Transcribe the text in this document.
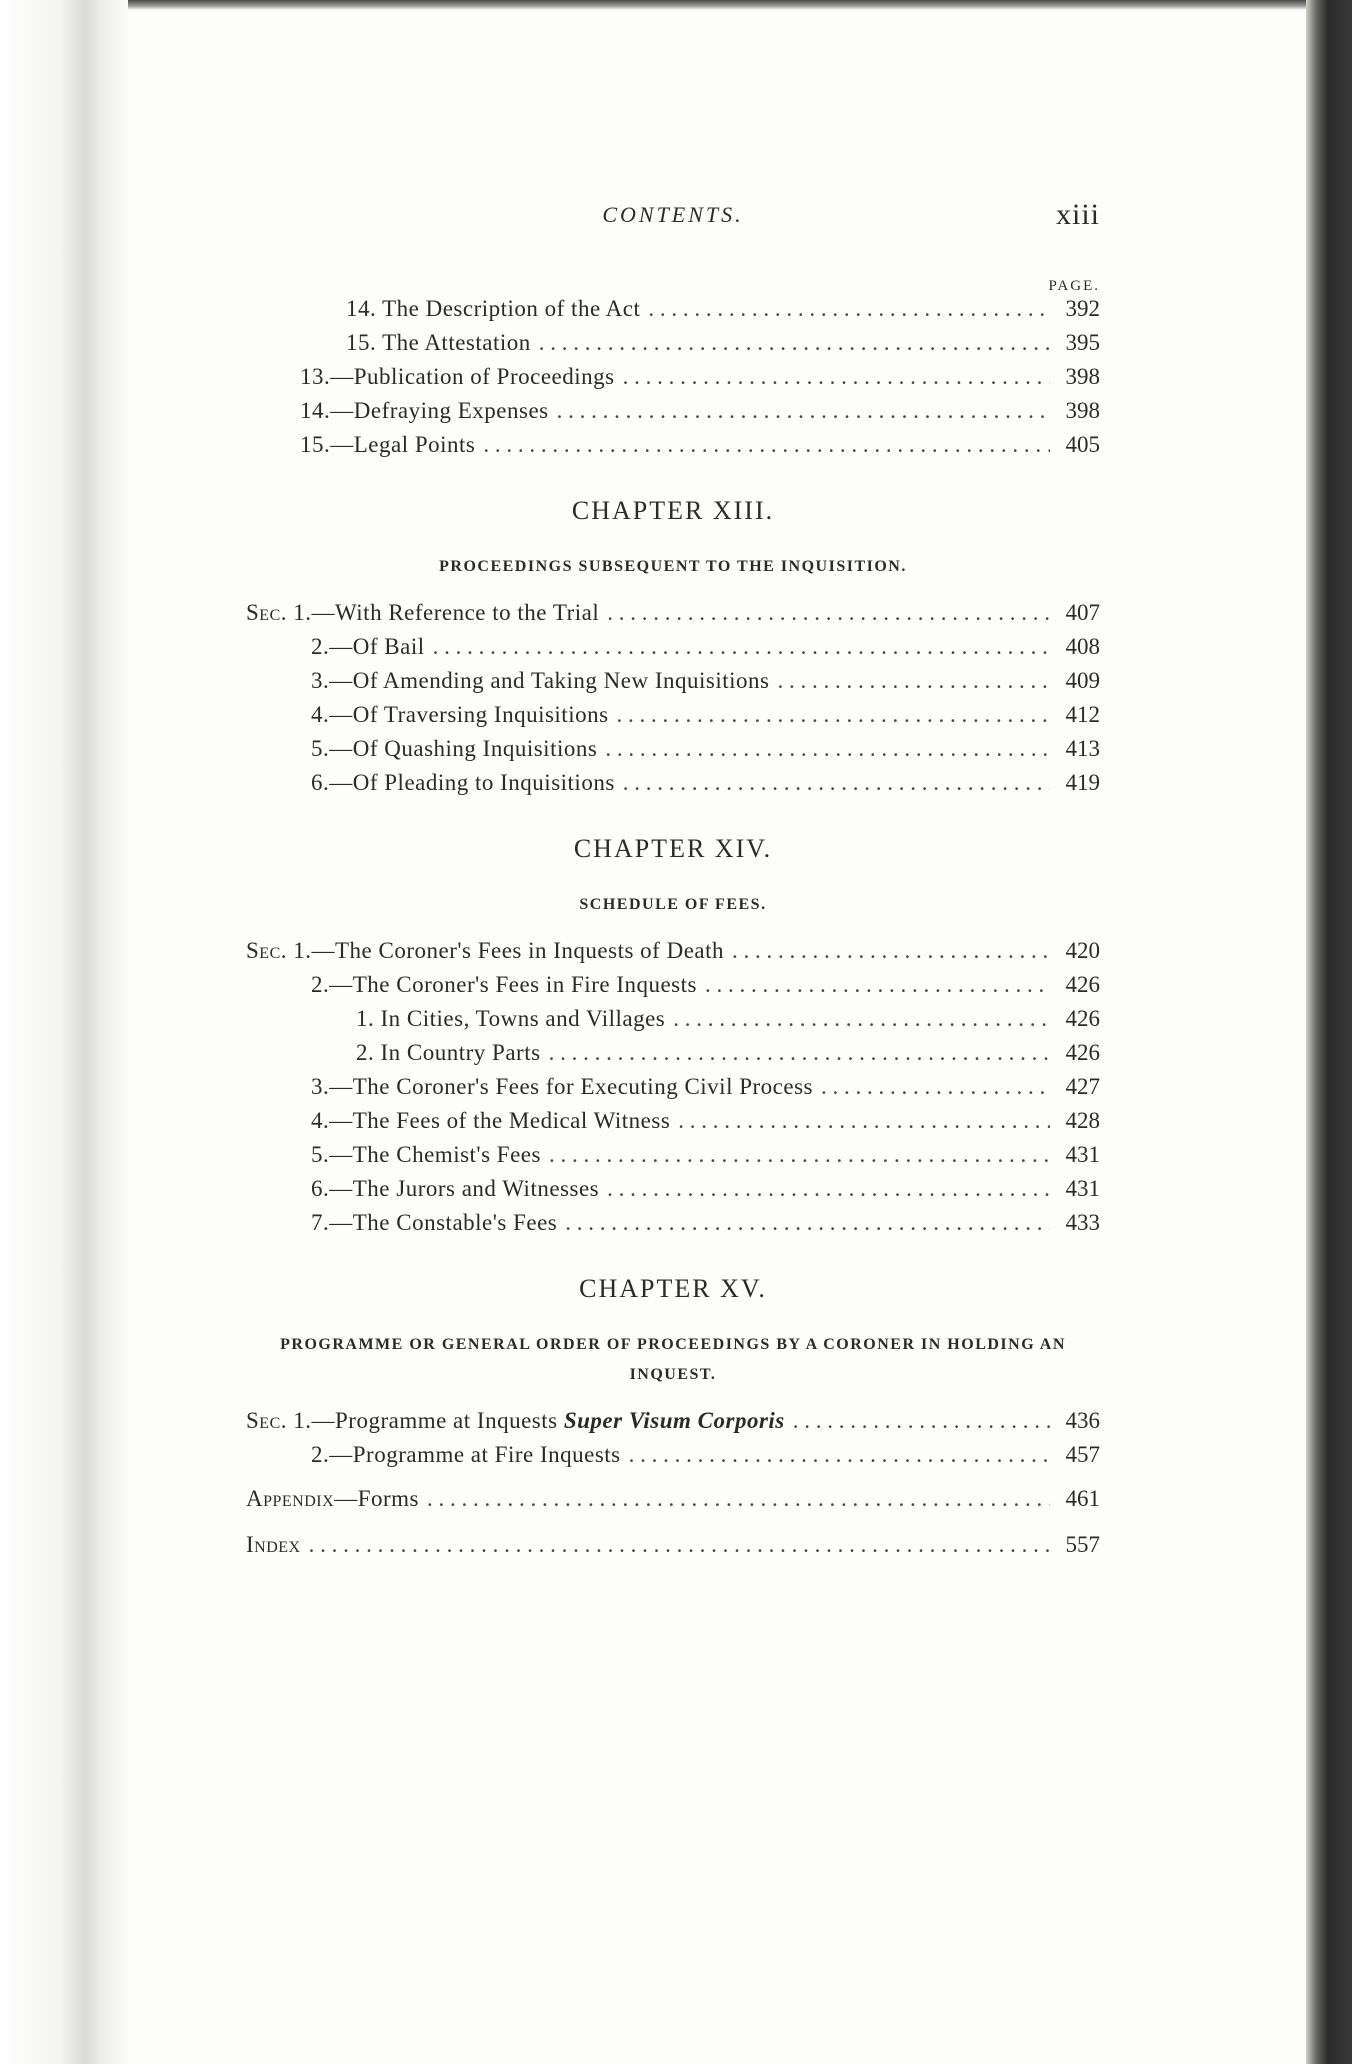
CONTENTS.	xiii
PAGE.
14. The Description of the Act . . .	392
15. The Attestation . . .	395
13.—Publication of Proceedings . . .	398
14.—Defraying Expenses . . .	398
15.—Legal Points . . .	405
CHAPTER XIII.
PROCEEDINGS SUBSEQUENT TO THE INQUISITION.
Sec. 1.—With Reference to the Trial . . .	407
2.—Of Bail . . .	408
3.—Of Amending and Taking New Inquisitions . . .	409
4.—Of Traversing Inquisitions . . .	412
5.—Of Quashing Inquisitions . . .	413
6.—Of Pleading to Inquisitions . . .	419
CHAPTER XIV.
SCHEDULE OF FEES.
Sec. 1.—The Coroner's Fees in Inquests of Death . . .	420
2.—The Coroner's Fees in Fire Inquests . . .	426
1. In Cities, Towns and Villages . . .	426
2. In Country Parts . . .	426
3.—The Coroner's Fees for Executing Civil Process . . .	427
4.—The Fees of the Medical Witness . . .	428
5.—The Chemist's Fees . . .	431
6.—The Jurors and Witnesses . . .	431
7.—The Constable's Fees . . .	433
CHAPTER XV.
PROGRAMME OR GENERAL ORDER OF PROCEEDINGS BY A CORONER IN HOLDING AN INQUEST.
Sec. 1.—Programme at Inquests Super Visum Corporis . . .	436
2.—Programme at Fire Inquests . . .	457
Appendix—Forms . . .	461
Index . . .	557
